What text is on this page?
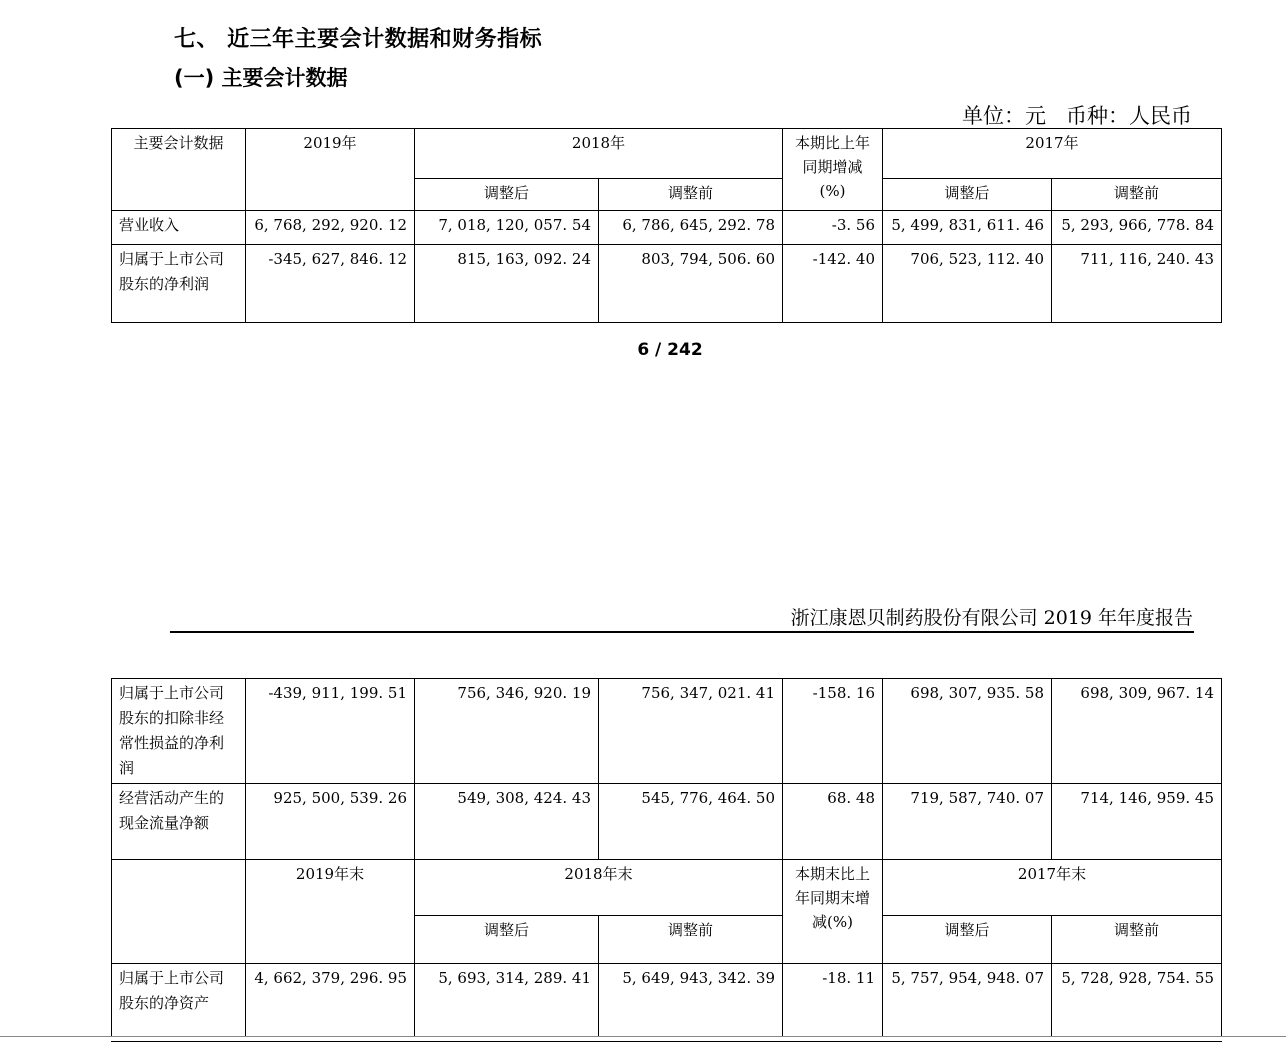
七、 近三年主要会计数据和财务指标
(一) 主要会计数据
单位：元   币种：人民币
主要会计数据	2019年	2018年		本期比上年同期增减(%)	2017年	
		调整后	调整前		调整后	调整前
营业收入	6, 768, 292, 920. 12	7, 018, 120, 057. 54	6, 786, 645, 292. 78	-3. 56	5, 499, 831, 611. 46	5, 293, 966, 778. 84
归属于上市公司股东的净利润	-345, 627, 846. 12	815, 163, 092. 24	803, 794, 506. 60	-142. 40	706, 523, 112. 40	711, 116, 240. 43
6 / 242
浙江康恩贝制药股份有限公司 2019 年年度报告
归属于上市公司股东的扣除非经常性损益的净利润	-439, 911, 199. 51	756, 346, 920. 19	756, 347, 021. 41	-158. 16	698, 307, 935. 58	698, 309, 967. 14
经营活动产生的现金流量净额	925, 500, 539. 26	549, 308, 424. 43	545, 776, 464. 50	68. 48	719, 587, 740. 07	714, 146, 959. 45
	2019年末	2018年末		本期末比上年同期末增减(%)	2017年末	
		调整后	调整前		调整后	调整前
归属于上市公司股东的净资产	4, 662, 379, 296. 95	5, 693, 314, 289. 41	5, 649, 943, 342. 39	-18. 11	5, 757, 954, 948. 07	5, 728, 928, 754. 55
